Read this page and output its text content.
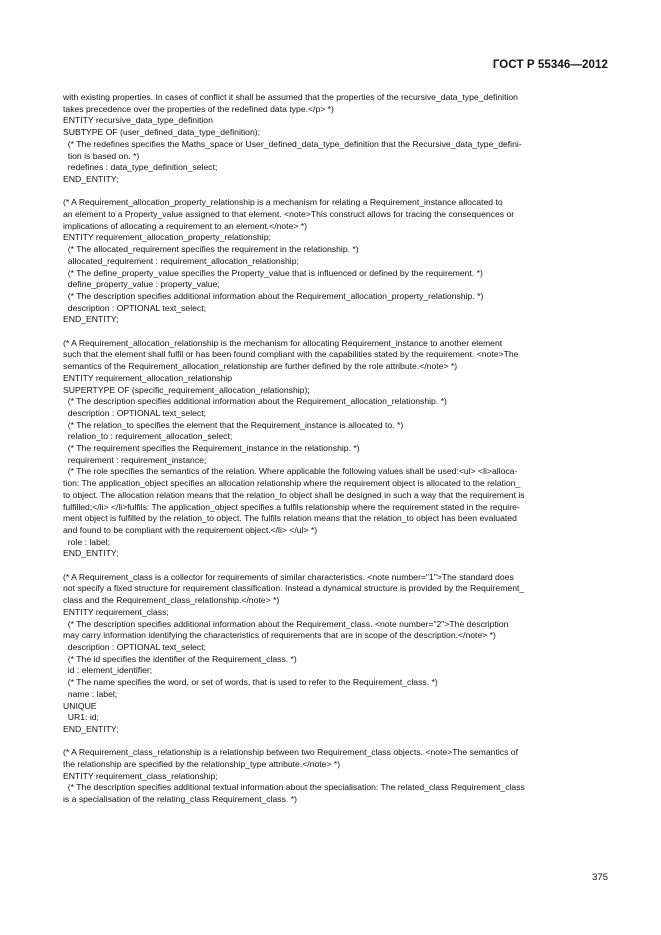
ГОСТ Р 55346—2012
with existing properties. In cases of conflict it shall be assumed that the properties of the recursive_data_type_definition
takes precedence over the properties of the redefined data type.</p> *)
ENTITY recursive_data_type_definition
SUBTYPE OF (user_defined_data_type_definition);
(* The redefines specifies the Maths_space or User_defined_data_type_definition that the Recursive_data_type_defini-
tion is based on. *)
redefines : data_type_definition_select;
END_ENTITY;
(* A Requirement_allocation_property_relationship is a mechanism for relating a Requirement_instance allocated to
an element to a Property_value assigned to that element. <note>This construct allows for tracing the consequences or
implications of allocating a requirement to an element.</note> *)
ENTITY requirement_allocation_property_relationship;
(* The allocated_requirement specifies the requirement in the relationship. *)
allocated_requirement : requirement_allocation_relationship;
(* The define_property_value specifies the Property_value that is influenced or defined by the requirement. *)
define_property_value : property_value;
(* The description specifies additional information about the Requirement_allocation_property_relationship. *)
description : OPTIONAL text_select;
END_ENTITY;
(* A Requirement_allocation_relationship is the mechanism for allocating Requirement_instance to another element
such that the element shall fulfil or has been found compliant with the capabilities stated by the requirement. <note>The
semantics of the Requirement_allocation_relationship are further defined by the role attribute.</note> *)
ENTITY requirement_allocation_relationship
SUPERTYPE OF (specific_requirement_allocation_relationship);
(* The description specifies additional information about the Requirement_allocation_relationship. *)
description : OPTIONAL text_select;
(* The relation_to specifies the element that the Requirement_instance is allocated to. *)
relation_to : requirement_allocation_select;
(* The requirement specifies the Requirement_instance in the relationship. *)
requirement : requirement_instance;
(* The role specifies the semantics of the relation. Where applicable the following values shall be used:<ul> <li>alloca-
tion: The application_object specifies an allocation relationship where the requirement object is allocated to the relation_
to object. The allocation relation means that the relation_to object shall be designed in such a way that the requirement is
fulfilled;</li> </li>fulfils: The application_object specifies a fulfils relationship where the requirement stated in the require-
ment object is fulfilled by the relation_to object. The fulfils relation means that the relation_to object has been evaluated
and found to be compliant with the requirement object.</li> </ul> *)
role : label;
END_ENTITY;
(* A Requirement_class is a collector for requirements of similar characteristics. <note number="1">The standard does
not specify a fixed structure for requirement classification. Instead a dynamical structure is provided by the Requirement_
class and the Requirement_class_relationship.</note> *)
ENTITY requirement_class;
(* The description specifies additional information about the Requirement_class. <note number="2">The description
may carry information identifying the characteristics of requirements that are in scope of the description.</note> *)
description : OPTIONAL text_select;
(* The id specifies the identifier of the Requirement_class. *)
id : element_identifier;
(* The name specifies the word, or set of words, that is used to refer to the Requirement_class. *)
name : label;
UNIQUE
UR1: id;
END_ENTITY;
(* A Requirement_class_relationship is a relationship between two Requirement_class objects. <note>The semantics of
the relationship are specified by the relationship_type attribute.</note> *)
ENTITY requirement_class_relationship;
(* The description specifies additional textual information about the specialisation: The related_class Requirement_class
is a specialisation of the relating_class Requirement_class. *)
375
